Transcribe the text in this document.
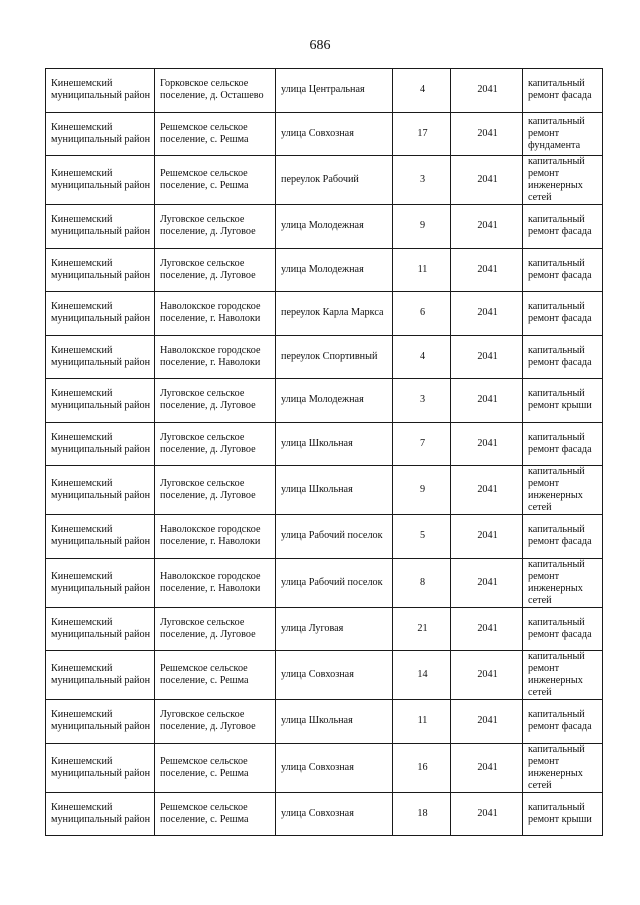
686
Кинешемский муниципальный район	Горковское сельское поселение, д. Осташево	улица Центральная	4	2041	капитальный ремонт фасада
Кинешемский муниципальный район	Решемское сельское поселение, с. Решма	улица Совхозная	17	2041	капитальный ремонт фундамента
Кинешемский муниципальный район	Решемское сельское поселение, с. Решма	переулок Рабочий	3	2041	капитальный ремонт инженерных сетей
Кинешемский муниципальный район	Луговское сельское поселение, д. Луговое	улица Молодежная	9	2041	капитальный ремонт фасада
Кинешемский муниципальный район	Луговское сельское поселение, д. Луговое	улица Молодежная	11	2041	капитальный ремонт фасада
Кинешемский муниципальный район	Наволокское городское поселение, г. Наволоки	переулок Карла Маркса	6	2041	капитальный ремонт фасада
Кинешемский муниципальный район	Наволокское городское поселение, г. Наволоки	переулок Спортивный	4	2041	капитальный ремонт фасада
Кинешемский муниципальный район	Луговское сельское поселение, д. Луговое	улица Молодежная	3	2041	капитальный ремонт крыши
Кинешемский муниципальный район	Луговское сельское поселение, д. Луговое	улица Школьная	7	2041	капитальный ремонт фасада
Кинешемский муниципальный район	Луговское сельское поселение, д. Луговое	улица Школьная	9	2041	капитальный ремонт инженерных сетей
Кинешемский муниципальный район	Наволокское городское поселение, г. Наволоки	улица Рабочий поселок	5	2041	капитальный ремонт фасада
Кинешемский муниципальный район	Наволокское городское поселение, г. Наволоки	улица Рабочий поселок	8	2041	капитальный ремонт инженерных сетей
Кинешемский муниципальный район	Луговское сельское поселение, д. Луговое	улица Луговая	21	2041	капитальный ремонт фасада
Кинешемский муниципальный район	Решемское сельское поселение, с. Решма	улица Совхозная	14	2041	капитальный ремонт инженерных сетей
Кинешемский муниципальный район	Луговское сельское поселение, д. Луговое	улица Школьная	11	2041	капитальный ремонт фасада
Кинешемский муниципальный район	Решемское сельское поселение, с. Решма	улица Совхозная	16	2041	капитальный ремонт инженерных сетей
Кинешемский муниципальный район	Решемское сельское поселение, с. Решма	улица Совхозная	18	2041	капитальный ремонт крыши
